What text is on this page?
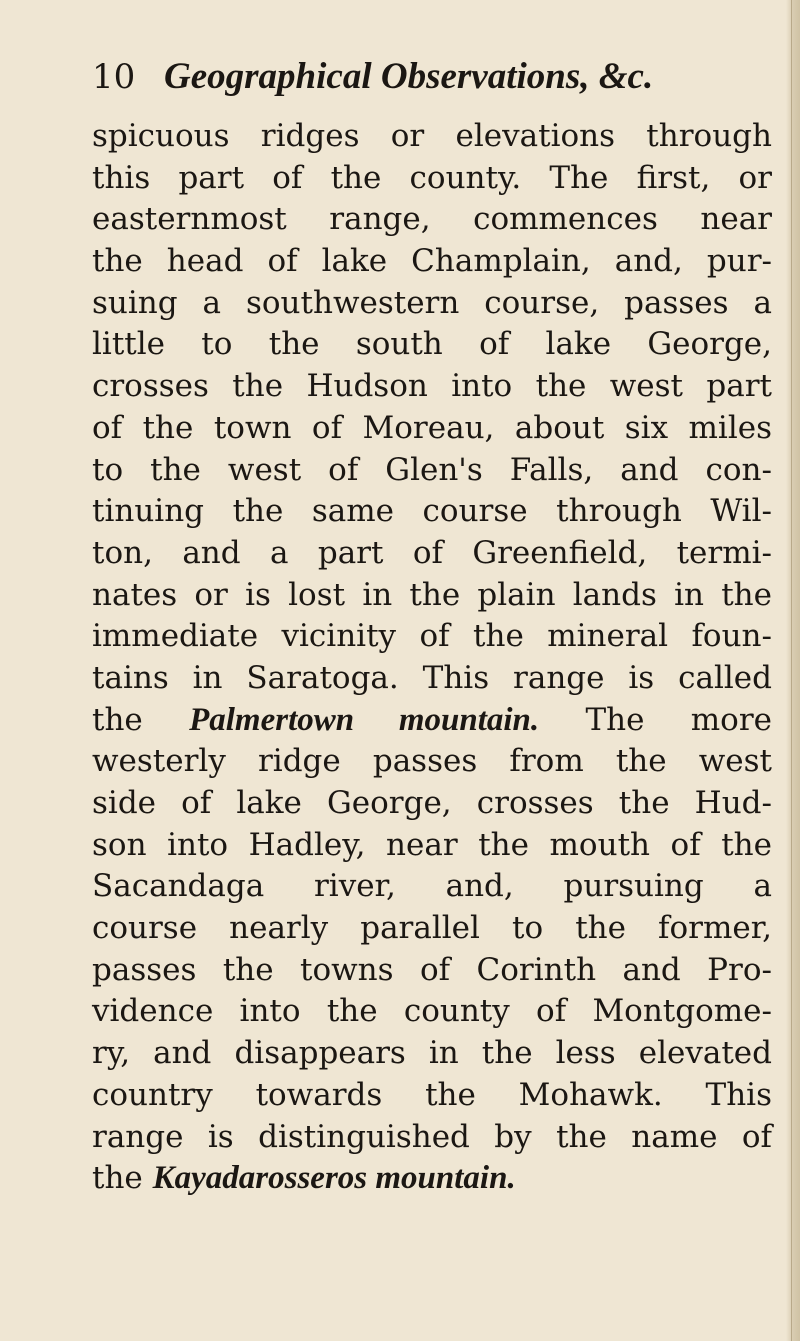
10 Geographical Observations, &c.
spicuous ridges or elevations through
this part of the county. The first, or
easternmost range, commences near
the head of lake Champlain, and, pur-
suing a southwestern course, passes a
little to the south of lake George,
crosses the Hudson into the west part
of the town of Moreau, about six miles
to the west of Glen's Falls, and con-
tinuing the same course through Wil-
ton, and a part of Greenfield, termi-
nates or is lost in the plain lands in the
immediate vicinity of the mineral foun-
tains in Saratoga. This range is called
the Palmertown mountain. The more
westerly ridge passes from the west
side of lake George, crosses the Hud-
son into Hadley, near the mouth of the
Sacandaga river, and, pursuing a
course nearly parallel to the former,
passes the towns of Corinth and Pro-
vidence into the county of Montgome-
ry, and disappears in the less elevated
country towards the Mohawk. This
range is distinguished by the name of
the Kayadarosseros mountain.
